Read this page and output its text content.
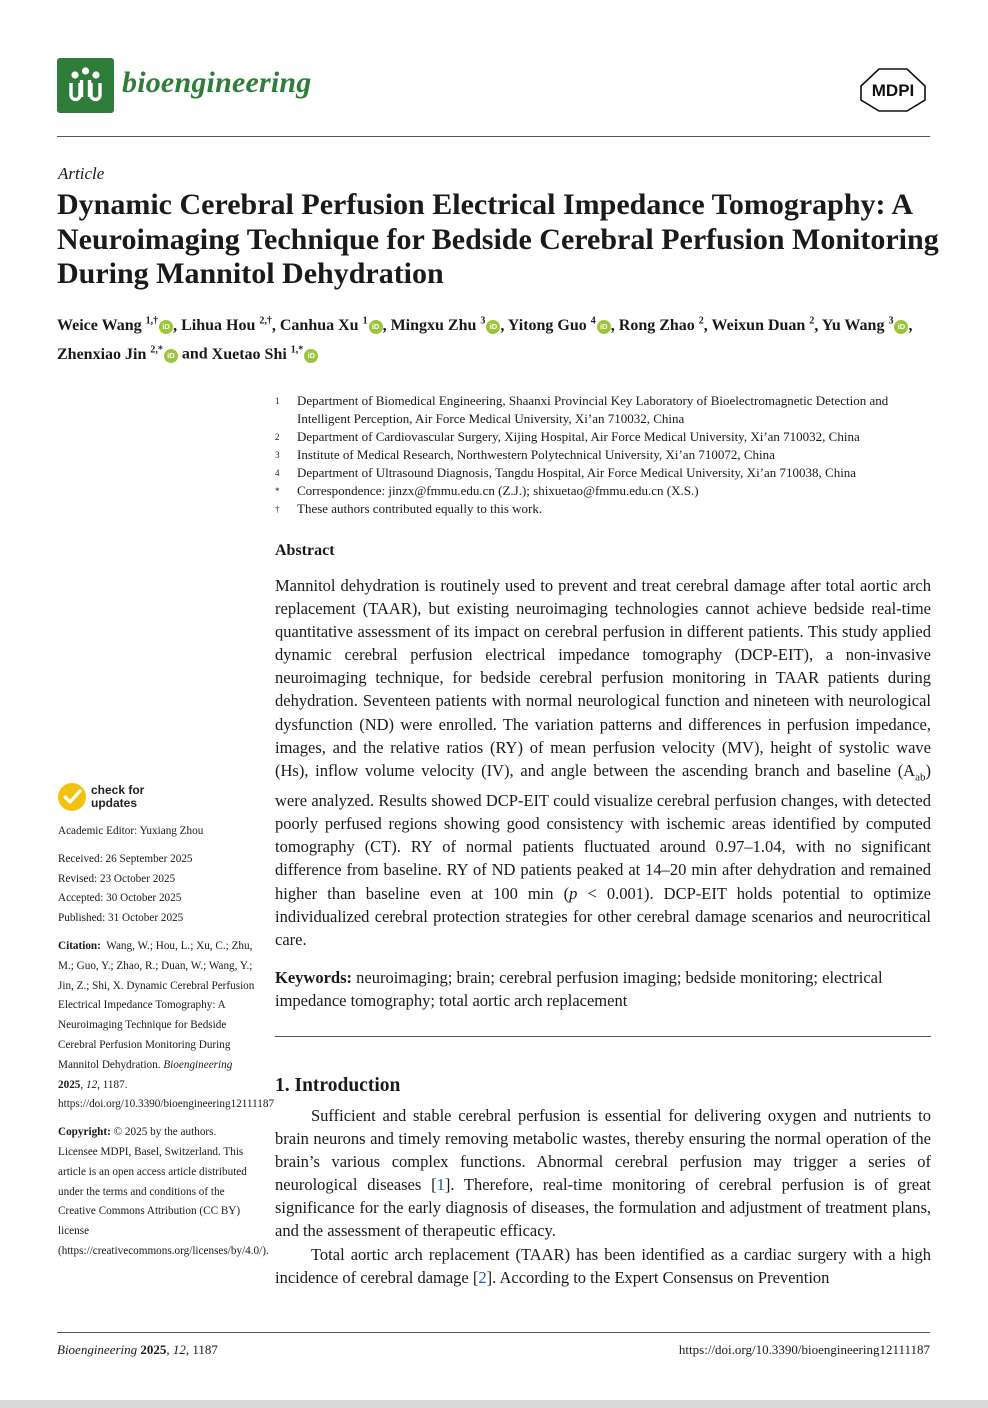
bioengineering	MDPI
Article
Dynamic Cerebral Perfusion Electrical Impedance Tomography: A Neuroimaging Technique for Bedside Cerebral Perfusion Monitoring During Mannitol Dehydration
Weice Wang $^{1,\dagger}$ iD , Lihua Hou $^{2,\dagger}$, Canhua Xu $^1$ iD , Mingxu Zhu $^3$ iD , Yitong Guo $^4$ iD , Rong Zhao $^2$, Weixun Duan $^2$, Yu Wang $^3$ iD , Zhenxiao Jin $^{2,*}$ iD and Xuetao Shi $^{1,*}$ iD
1	Department of Biomedical Engineering, Shaanxi Provincial Key Laboratory of Bioelectromagnetic Detection and Intelligent Perception, Air Force Medical University, Xi’an 710032, China
2	Department of Cardiovascular Surgery, Xijing Hospital, Air Force Medical University, Xi’an 710032, China
3	Institute of Medical Research, Northwestern Polytechnical University, Xi’an 710072, China
4	Department of Ultrasound Diagnosis, Tangdu Hospital, Air Force Medical University, Xi’an 710038, China
*	Correspondence: jinzx@fmmu.edu.cn (Z.J.); shixuetao@fmmu.edu.cn (X.S.)
†	These authors contributed equally to this work.
Abstract
Mannitol dehydration is routinely used to prevent and treat cerebral damage after total aortic arch replacement (TAAR), but existing neuroimaging technologies cannot achieve bedside real-time quantitative assessment of its impact on cerebral perfusion in different patients. This study applied dynamic cerebral perfusion electrical impedance tomography (DCP-EIT), a non-invasive neuroimaging technique, for bedside cerebral perfusion monitoring in TAAR patients during dehydration. Seventeen patients with normal neurological function and nineteen with neurological dysfunction (ND) were enrolled. The variation patterns and differences in perfusion impedance, images, and the relative ratios (RY) of mean perfusion velocity (MV), height of systolic wave (Hs), inflow volume velocity (IV), and angle between the ascending branch and baseline $(A_{ab})$ were analyzed. Results showed DCP-EIT could visualize cerebral perfusion changes, with detected poorly perfused regions showing good consistency with ischemic areas identified by computed tomography (CT). RY of normal patients fluctuated around 0.97–1.04, with no significant difference from baseline. RY of ND patients peaked at 14–20 min after dehydration and remained higher than baseline even at 100 min (p < 0.001). DCP-EIT holds potential to optimize individualized cerebral protection strategies for other cerebral damage scenarios and neurocritical care.
Keywords: neuroimaging; brain; cerebral perfusion imaging; bedside monitoring; electrical impedance tomography; total aortic arch replacement
1. Introduction

Sufficient and stable cerebral perfusion is essential for delivering oxygen and nutrients to brain neurons and timely removing metabolic wastes, thereby ensuring the normal operation of the brain’s various complex functions. Abnormal cerebral perfusion may trigger a series of neurological diseases [1]. Therefore, real-time monitoring of cerebral perfusion is of great significance for the early diagnosis of diseases, the formulation and adjustment of treatment plans, and the assessment of therapeutic efficacy.

Total aortic arch replacement (TAAR) has been identified as a cardiac surgery with a high incidence of cerebral damage [2]. According to the Expert Consensus on Prevention

check for
updates
Academic Editor: Yuxiang Zhou
Received: 26 September 2025
Revised: 23 October 2025
Accepted: 30 October 2025
Published: 31 October 2025
Citation: Wang, W.; Hou, L.; Xu, C.; Zhu, M.; Guo, Y.; Zhao, R.; Duan, W.; Wang, Y.; Jin, Z.; Shi, X. Dynamic Cerebral Perfusion Electrical Impedance Tomography: A Neuroimaging Technique for Bedside Cerebral Perfusion Monitoring During Mannitol Dehydration. Bioengineering 2025, 12, 1187. https://doi.org/10.3390/bioengineering12111187
Copyright: © 2025 by the authors. Licensee MDPI, Basel, Switzerland. This article is an open access article distributed under the terms and conditions of the Creative Commons Attribution (CC BY) license (https://creativecommons.org/licenses/by/4.0/).
Bioengineering 2025, 12, 1187	https://doi.org/10.3390/bioengineering12111187
